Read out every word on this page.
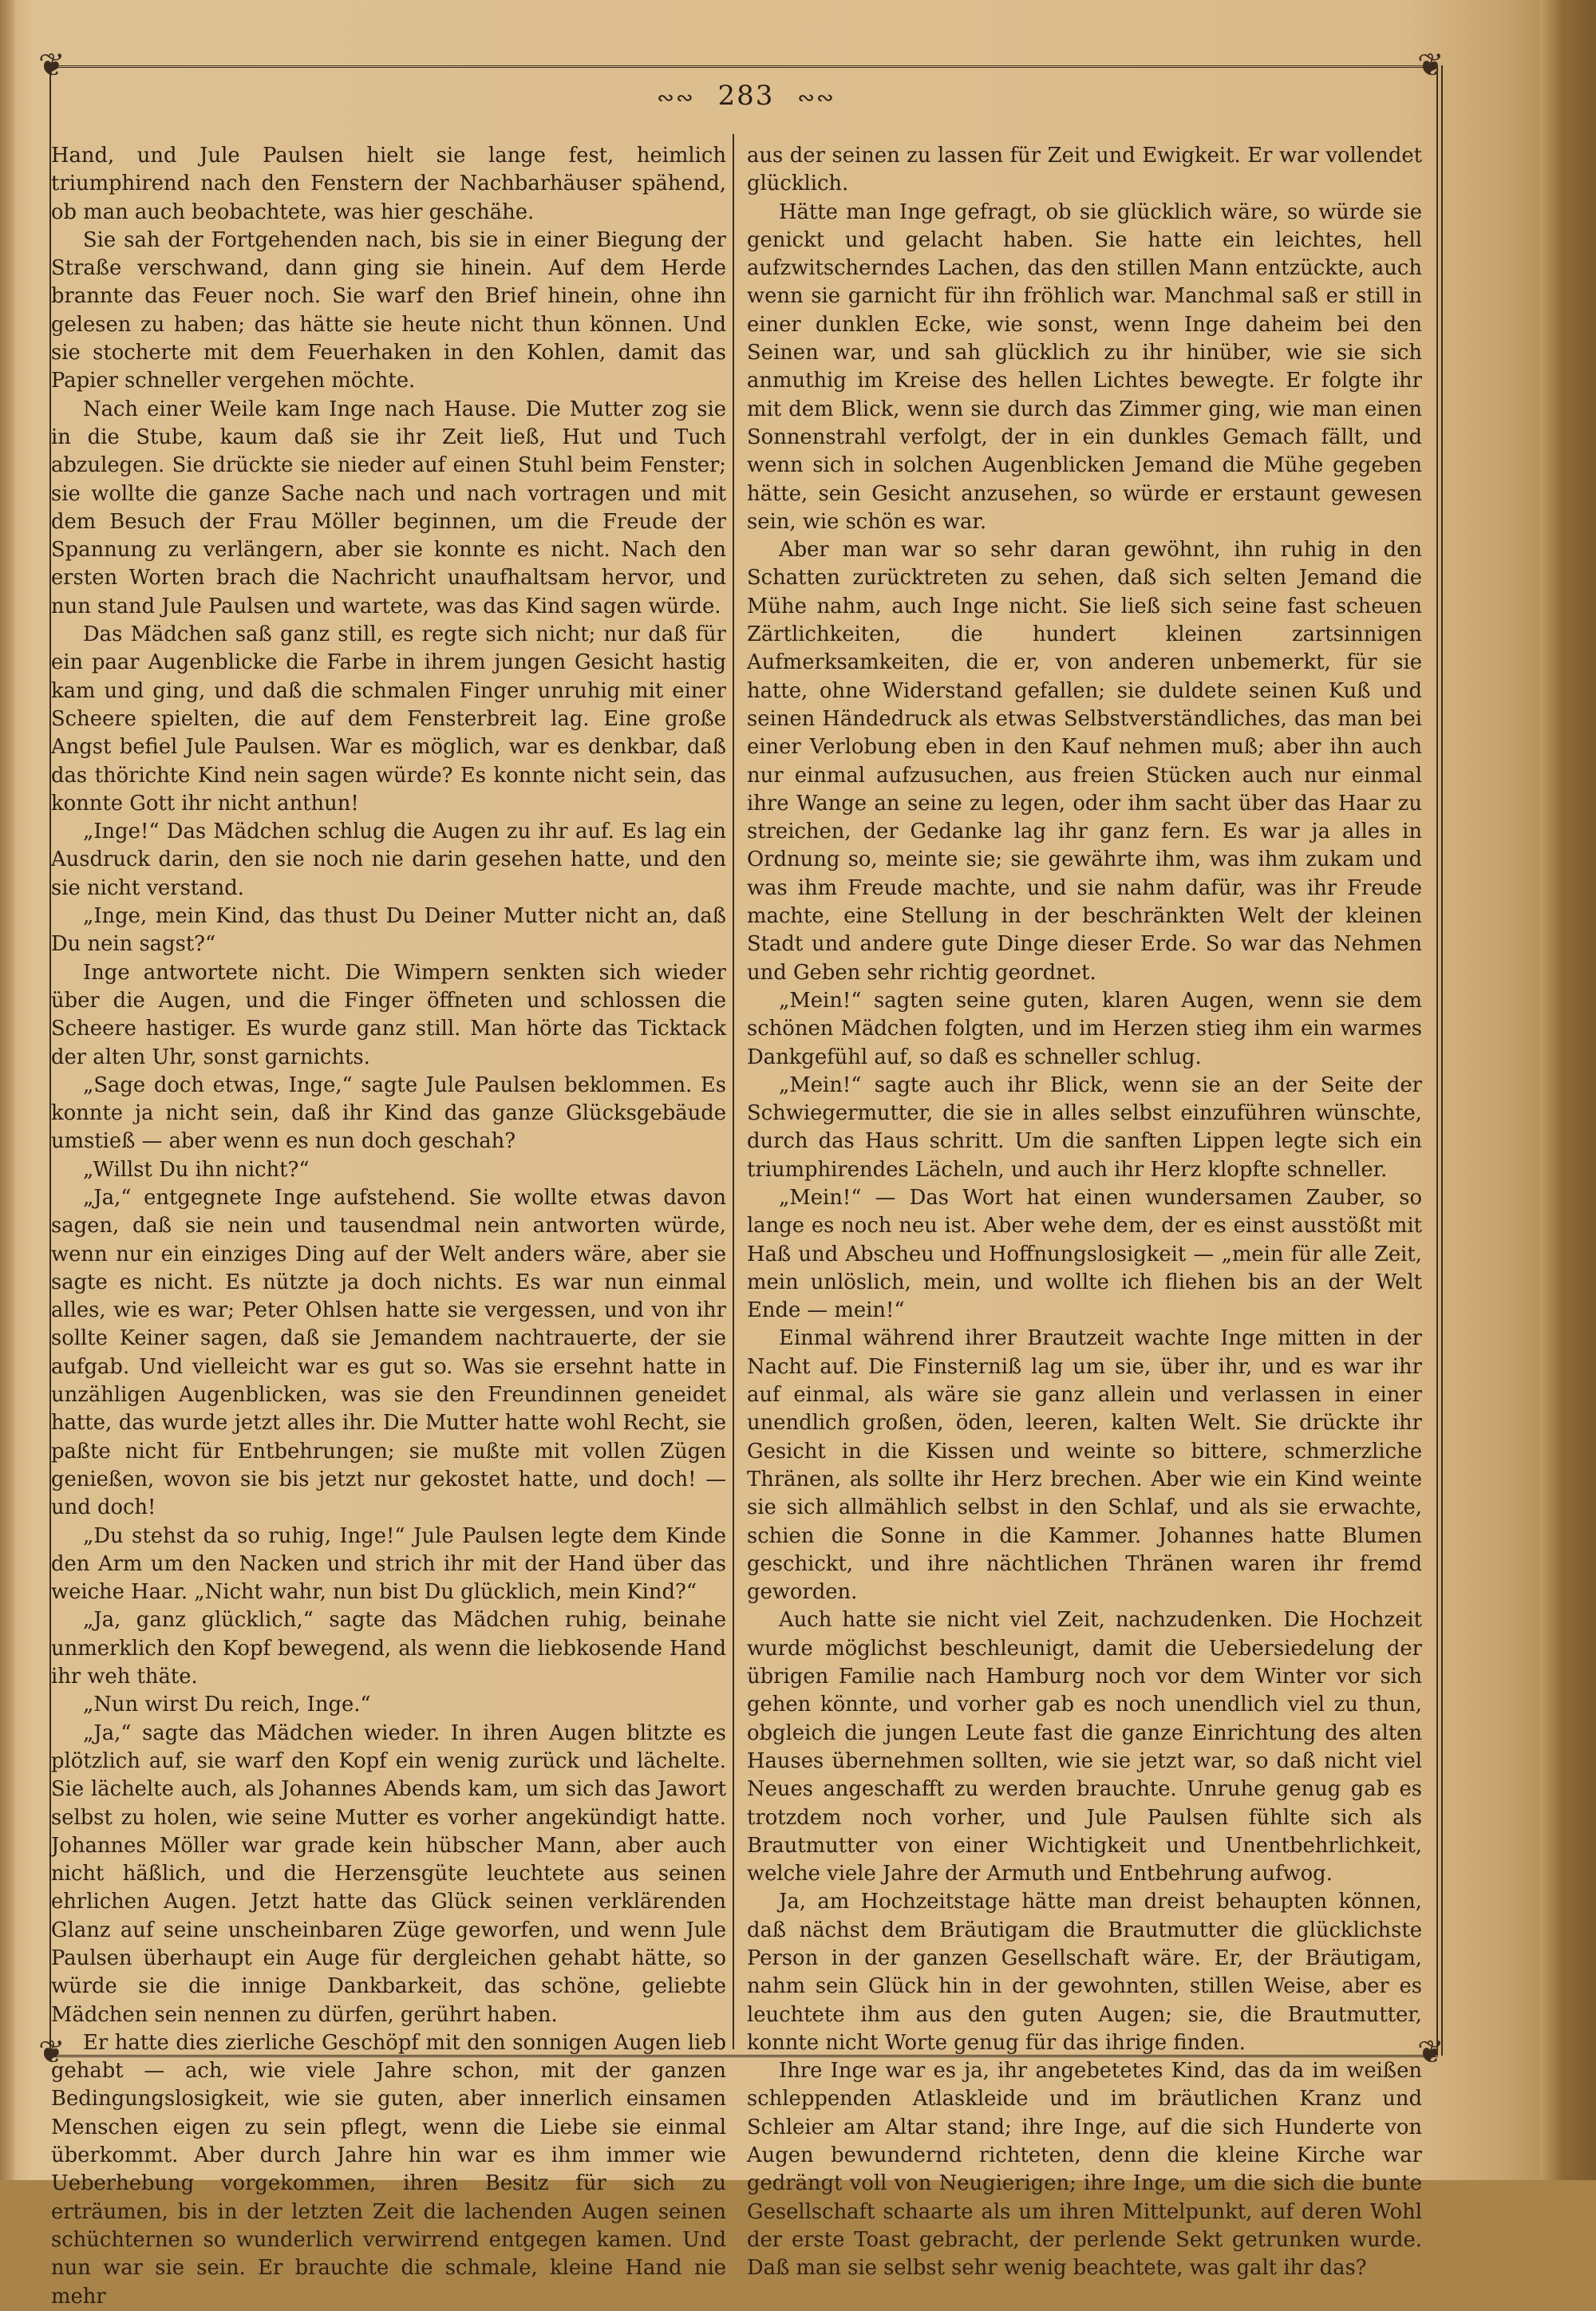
❦	❦
❦	❦
∾∾ 283 ∾∾

Hand, und Jule Paulsen hielt sie lange fest, heimlich triumphirend nach den Fenstern der Nachbarhäuser spähend, ob man auch beobachtete, was hier geschähe.

Sie sah der Fortgehenden nach, bis sie in einer Biegung der Straße verschwand, dann ging sie hinein. Auf dem Herde brannte das Feuer noch. Sie warf den Brief hinein, ohne ihn gelesen zu haben; das hätte sie heute nicht thun können. Und sie stocherte mit dem Feuerhaken in den Kohlen, damit das Papier schneller vergehen möchte.

Nach einer Weile kam Inge nach Hause. Die Mutter zog sie in die Stube, kaum daß sie ihr Zeit ließ, Hut und Tuch abzulegen. Sie drückte sie nieder auf einen Stuhl beim Fenster; sie wollte die ganze Sache nach und nach vortragen und mit dem Besuch der Frau Möller beginnen, um die Freude der Spannung zu verlängern, aber sie konnte es nicht. Nach den ersten Worten brach die Nachricht unaufhaltsam hervor, und nun stand Jule Paulsen und wartete, was das Kind sagen würde.

Das Mädchen saß ganz still, es regte sich nicht; nur daß für ein paar Augenblicke die Farbe in ihrem jungen Gesicht hastig kam und ging, und daß die schmalen Finger unruhig mit einer Scheere spielten, die auf dem Fensterbreit lag. Eine große Angst befiel Jule Paulsen. War es möglich, war es denkbar, daß das thörichte Kind nein sagen würde? Es konnte nicht sein, das konnte Gott ihr nicht anthun!

„Inge!“ Das Mädchen schlug die Augen zu ihr auf. Es lag ein Ausdruck darin, den sie noch nie darin gesehen hatte, und den sie nicht verstand.

„Inge, mein Kind, das thust Du Deiner Mutter nicht an, daß Du nein sagst?“

Inge antwortete nicht. Die Wimpern senkten sich wieder über die Augen, und die Finger öffneten und schlossen die Scheere hastiger. Es wurde ganz still. Man hörte das Ticktack der alten Uhr, sonst garnichts.

„Sage doch etwas, Inge,“ sagte Jule Paulsen beklommen. Es konnte ja nicht sein, daß ihr Kind das ganze Glücksgebäude umstieß — aber wenn es nun doch geschah?

„Willst Du ihn nicht?“

„Ja,“ entgegnete Inge aufstehend. Sie wollte etwas davon sagen, daß sie nein und tausendmal nein antworten würde, wenn nur ein einziges Ding auf der Welt anders wäre, aber sie sagte es nicht. Es nützte ja doch nichts. Es war nun einmal alles, wie es war; Peter Ohlsen hatte sie vergessen, und von ihr sollte Keiner sagen, daß sie Jemandem nachtrauerte, der sie aufgab. Und vielleicht war es gut so. Was sie ersehnt hatte in unzähligen Augenblicken, was sie den Freundinnen geneidet hatte, das wurde jetzt alles ihr. Die Mutter hatte wohl Recht, sie paßte nicht für Entbehrungen; sie mußte mit vollen Zügen genießen, wovon sie bis jetzt nur gekostet hatte, und doch! — und doch!

„Du stehst da so ruhig, Inge!“ Jule Paulsen legte dem Kinde den Arm um den Nacken und strich ihr mit der Hand über das weiche Haar. „Nicht wahr, nun bist Du glücklich, mein Kind?“

„Ja, ganz glücklich,“ sagte das Mädchen ruhig, beinahe unmerklich den Kopf bewegend, als wenn die liebkosende Hand ihr weh thäte.

„Nun wirst Du reich, Inge.“

„Ja,“ sagte das Mädchen wieder. In ihren Augen blitzte es plötzlich auf, sie warf den Kopf ein wenig zurück und lächelte. Sie lächelte auch, als Johannes Abends kam, um sich das Jawort selbst zu holen, wie seine Mutter es vorher angekündigt hatte. Johannes Möller war grade kein hübscher Mann, aber auch nicht häßlich, und die Herzensgüte leuchtete aus seinen ehrlichen Augen. Jetzt hatte das Glück seinen verklärenden Glanz auf seine unscheinbaren Züge geworfen, und wenn Jule Paulsen überhaupt ein Auge für dergleichen gehabt hätte, so würde sie die innige Dankbarkeit, das schöne, geliebte Mädchen sein nennen zu dürfen, gerührt haben.

Er hatte dies zierliche Geschöpf mit den sonnigen Augen lieb gehabt — ach, wie viele Jahre schon, mit der ganzen Bedingungslosigkeit, wie sie guten, aber innerlich einsamen Menschen eigen zu sein pflegt, wenn die Liebe sie einmal überkommt. Aber durch Jahre hin war es ihm immer wie Ueberhebung vorgekommen, ihren Besitz für sich zu erträumen, bis in der letzten Zeit die lachenden Augen seinen schüchternen so wunderlich verwirrend entgegen kamen. Und nun war sie sein. Er brauchte die schmale, kleine Hand nie mehr

aus der seinen zu lassen für Zeit und Ewigkeit. Er war vollendet glücklich.

Hätte man Inge gefragt, ob sie glücklich wäre, so würde sie genickt und gelacht haben. Sie hatte ein leichtes, hell aufzwitscherndes Lachen, das den stillen Mann entzückte, auch wenn sie garnicht für ihn fröhlich war. Manchmal saß er still in einer dunklen Ecke, wie sonst, wenn Inge daheim bei den Seinen war, und sah glücklich zu ihr hinüber, wie sie sich anmuthig im Kreise des hellen Lichtes bewegte. Er folgte ihr mit dem Blick, wenn sie durch das Zimmer ging, wie man einen Sonnenstrahl verfolgt, der in ein dunkles Gemach fällt, und wenn sich in solchen Augenblicken Jemand die Mühe gegeben hätte, sein Gesicht anzusehen, so würde er erstaunt gewesen sein, wie schön es war.

Aber man war so sehr daran gewöhnt, ihn ruhig in den Schatten zurücktreten zu sehen, daß sich selten Jemand die Mühe nahm, auch Inge nicht. Sie ließ sich seine fast scheuen Zärtlichkeiten, die hundert kleinen zartsinnigen Aufmerksamkeiten, die er, von anderen unbemerkt, für sie hatte, ohne Widerstand gefallen; sie duldete seinen Kuß und seinen Händedruck als etwas Selbstverständliches, das man bei einer Verlobung eben in den Kauf nehmen muß; aber ihn auch nur einmal aufzusuchen, aus freien Stücken auch nur einmal ihre Wange an seine zu legen, oder ihm sacht über das Haar zu streichen, der Gedanke lag ihr ganz fern. Es war ja alles in Ordnung so, meinte sie; sie gewährte ihm, was ihm zukam und was ihm Freude machte, und sie nahm dafür, was ihr Freude machte, eine Stellung in der beschränkten Welt der kleinen Stadt und andere gute Dinge dieser Erde. So war das Nehmen und Geben sehr richtig geordnet.

„Mein!“ sagten seine guten, klaren Augen, wenn sie dem schönen Mädchen folgten, und im Herzen stieg ihm ein warmes Dankgefühl auf, so daß es schneller schlug.

„Mein!“ sagte auch ihr Blick, wenn sie an der Seite der Schwiegermutter, die sie in alles selbst einzuführen wünschte, durch das Haus schritt. Um die sanften Lippen legte sich ein triumphirendes Lächeln, und auch ihr Herz klopfte schneller.

„Mein!“ — Das Wort hat einen wundersamen Zauber, so lange es noch neu ist. Aber wehe dem, der es einst ausstößt mit Haß und Abscheu und Hoffnungslosigkeit — „mein für alle Zeit, mein unlöslich, mein, und wollte ich fliehen bis an der Welt Ende — mein!“

Einmal während ihrer Brautzeit wachte Inge mitten in der Nacht auf. Die Finsterniß lag um sie, über ihr, und es war ihr auf einmal, als wäre sie ganz allein und verlassen in einer unendlich großen, öden, leeren, kalten Welt. Sie drückte ihr Gesicht in die Kissen und weinte so bittere, schmerzliche Thränen, als sollte ihr Herz brechen. Aber wie ein Kind weinte sie sich allmählich selbst in den Schlaf, und als sie erwachte, schien die Sonne in die Kammer. Johannes hatte Blumen geschickt, und ihre nächtlichen Thränen waren ihr fremd geworden.

Auch hatte sie nicht viel Zeit, nachzudenken. Die Hochzeit wurde möglichst beschleunigt, damit die Uebersiedelung der übrigen Familie nach Hamburg noch vor dem Winter vor sich gehen könnte, und vorher gab es noch unendlich viel zu thun, obgleich die jungen Leute fast die ganze Einrichtung des alten Hauses übernehmen sollten, wie sie jetzt war, so daß nicht viel Neues angeschafft zu werden brauchte. Unruhe genug gab es trotzdem noch vorher, und Jule Paulsen fühlte sich als Brautmutter von einer Wichtigkeit und Unentbehrlichkeit, welche viele Jahre der Armuth und Entbehrung aufwog.

Ja, am Hochzeitstage hätte man dreist behaupten können, daß nächst dem Bräutigam die Brautmutter die glücklichste Person in der ganzen Gesellschaft wäre. Er, der Bräutigam, nahm sein Glück hin in der gewohnten, stillen Weise, aber es leuchtete ihm aus den guten Augen; sie, die Brautmutter, konnte nicht Worte genug für das ihrige finden.

Ihre Inge war es ja, ihr angebetetes Kind, das da im weißen schleppenden Atlaskleide und im bräutlichen Kranz und Schleier am Altar stand; ihre Inge, auf die sich Hunderte von Augen bewundernd richteten, denn die kleine Kirche war gedrängt voll von Neugierigen; ihre Inge, um die sich die bunte Gesellschaft schaarte als um ihren Mittelpunkt, auf deren Wohl der erste Toast gebracht, der perlende Sekt getrunken wurde. Daß man sie selbst sehr wenig beachtete, was galt ihr das?
